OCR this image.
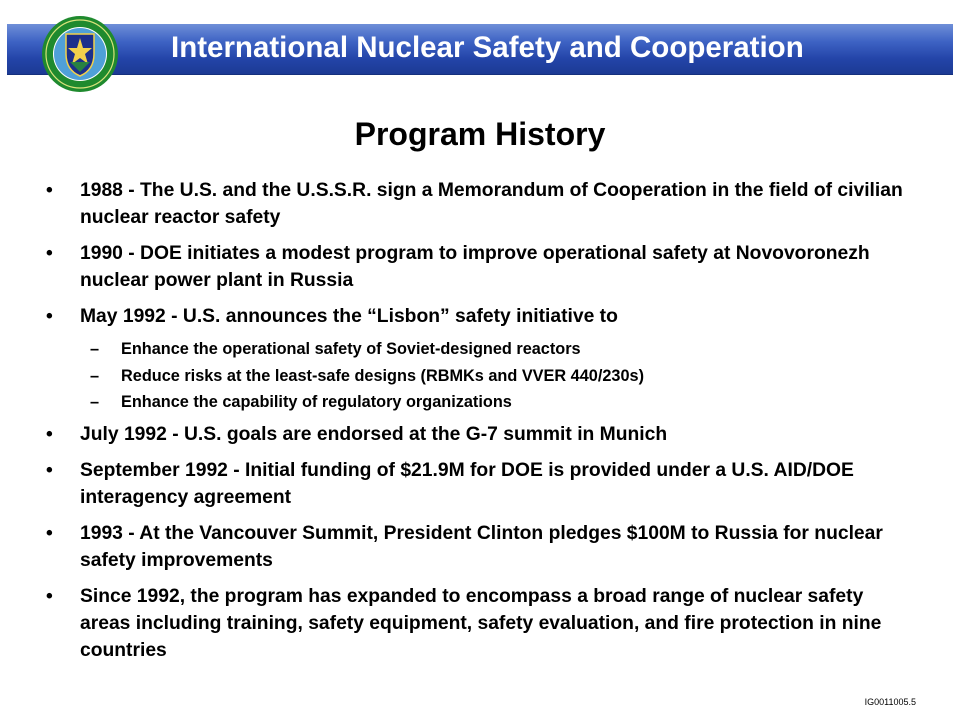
International Nuclear Safety and Cooperation
Program History
•	1988 - The U.S. and the U.S.S.R. sign a Memorandum of Cooperation in the field of civilian nuclear reactor safety
•	1990 - DOE initiates a modest program to improve operational safety at Novovoronezh nuclear power plant in Russia
•	May 1992 - U.S. announces the “Lisbon” safety initiative to
– Enhance the operational safety of Soviet-designed reactors
– Reduce risks at the least-safe designs (RBMKs and VVER 440/230s)
– Enhance the capability of regulatory organizations
•	July 1992 - U.S. goals are endorsed at the G-7 summit in Munich
•	September 1992 - Initial funding of $21.9M for DOE is provided under a U.S. AID/DOE interagency agreement
•	1993 - At the Vancouver Summit, President Clinton pledges $100M to Russia for nuclear safety improvements
•	Since 1992, the program has expanded to encompass a broad range of nuclear safety areas including training, safety equipment, safety evaluation, and fire protection in nine countries
IG0011005.5
